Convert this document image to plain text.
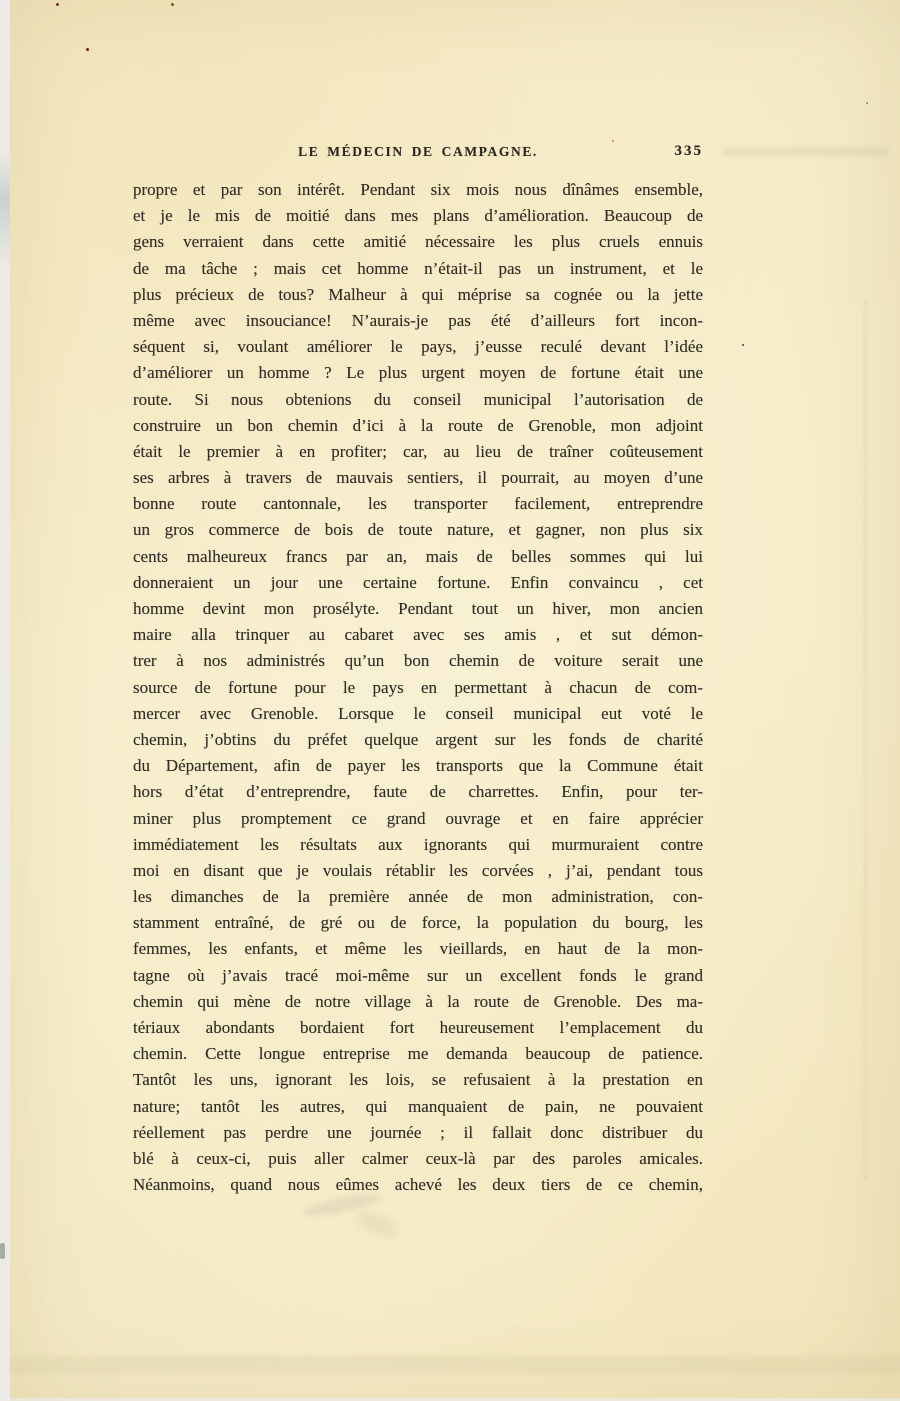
LE MÉDECIN DE CAMPAGNE.	335
propre et par son intérêt. Pendant six mois nous dînâmes ensemble,
et je le mis de moitié dans mes plans d’amélioration. Beaucoup de
gens verraient dans cette amitié nécessaire les plus cruels ennuis
de ma tâche ; mais cet homme n’était-il pas un instrument, et le
plus précieux de tous? Malheur à qui méprise sa cognée ou la jette
même avec insouciance! N’aurais-je pas été d’ailleurs fort incon-
séquent si, voulant améliorer le pays, j’eusse reculé devant l’idée
d’améliorer un homme ? Le plus urgent moyen de fortune était une
route. Si nous obtenions du conseil municipal l’autorisation de
construire un bon chemin d’ici à la route de Grenoble, mon adjoint
était le premier à en profiter; car, au lieu de traîner coûteusement
ses arbres à travers de mauvais sentiers, il pourrait, au moyen d’une
bonne route cantonnale, les transporter facilement, entreprendre
un gros commerce de bois de toute nature, et gagner, non plus six
cents malheureux francs par an, mais de belles sommes qui lui
donneraient un jour une certaine fortune. Enfin convaincu , cet
homme devint mon prosélyte. Pendant tout un hiver, mon ancien
maire alla trinquer au cabaret avec ses amis , et sut démon-
trer à nos administrés qu’un bon chemin de voiture serait une
source de fortune pour le pays en permettant à chacun de com-
mercer avec Grenoble. Lorsque le conseil municipal eut voté le
chemin, j’obtins du préfet quelque argent sur les fonds de charité
du Département, afin de payer les transports que la Commune était
hors d’état d’entreprendre, faute de charrettes. Enfin, pour ter-
miner plus promptement ce grand ouvrage et en faire apprécier
immédiatement les résultats aux ignorants qui murmuraient contre
moi en disant que je voulais rétablir les corvées , j’ai, pendant tous
les dimanches de la première année de mon administration, con-
stamment entraîné, de gré ou de force, la population du bourg, les
femmes, les enfants, et même les vieillards, en haut de la mon-
tagne où j’avais tracé moi-même sur un excellent fonds le grand
chemin qui mène de notre village à la route de Grenoble. Des ma-
tériaux abondants bordaient fort heureusement l’emplacement du
chemin. Cette longue entreprise me demanda beaucoup de patience.
Tantôt les uns, ignorant les lois, se refusaient à la prestation en
nature; tantôt les autres, qui manquaient de pain, ne pouvaient
réellement pas perdre une journée ; il fallait donc distribuer du
blé à ceux-ci, puis aller calmer ceux-là par des paroles amicales.
Néanmoins, quand nous eûmes achevé les deux tiers de ce chemin,
